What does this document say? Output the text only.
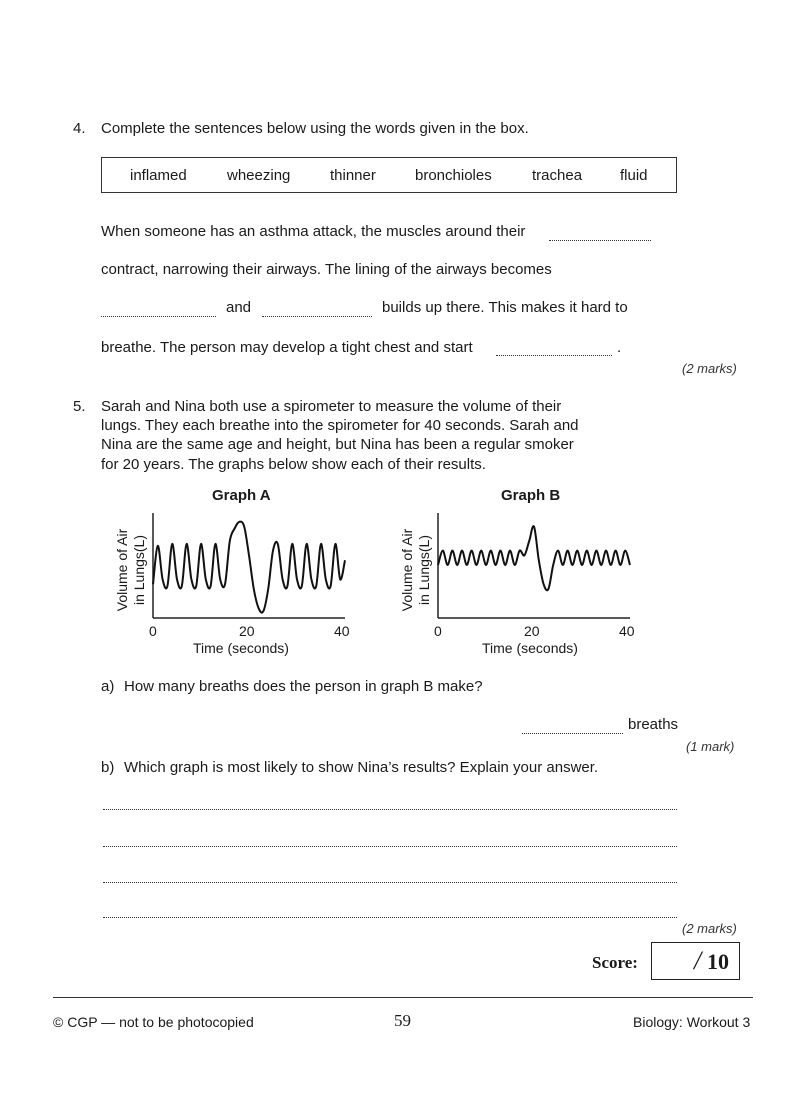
4. Complete the sentences below using the words given in the box.
inflamed	wheezing	thinner	bronchioles	trachea	fluid
When someone has an asthma attack, the muscles around their
contract, narrowing their airways. The lining of the airways becomes
and	builds up there. This makes it hard to
breathe. The person may develop a tight chest and start	.
(2 marks)
5. Sarah and Nina both use a spirometer to measure the volume of their
lungs. They each breathe into the spirometer for 40 seconds. Sarah and
Nina are the same age and height, but Nina has been a regular smoker
for 20 years. The graphs below show each of their results.
Graph A
Volume of Air in Lungs(L)
0	20	40
Time (seconds)
Graph B
Volume of Air in Lungs(L)
0	20	40
Time (seconds)
a) How many breaths does the person in graph B make?
breaths
(1 mark)
b) Which graph is most likely to show Nina’s results? Explain your answer.
(2 marks)
Score: / 10
© CGP — not to be photocopied	59	Biology: Workout 3
